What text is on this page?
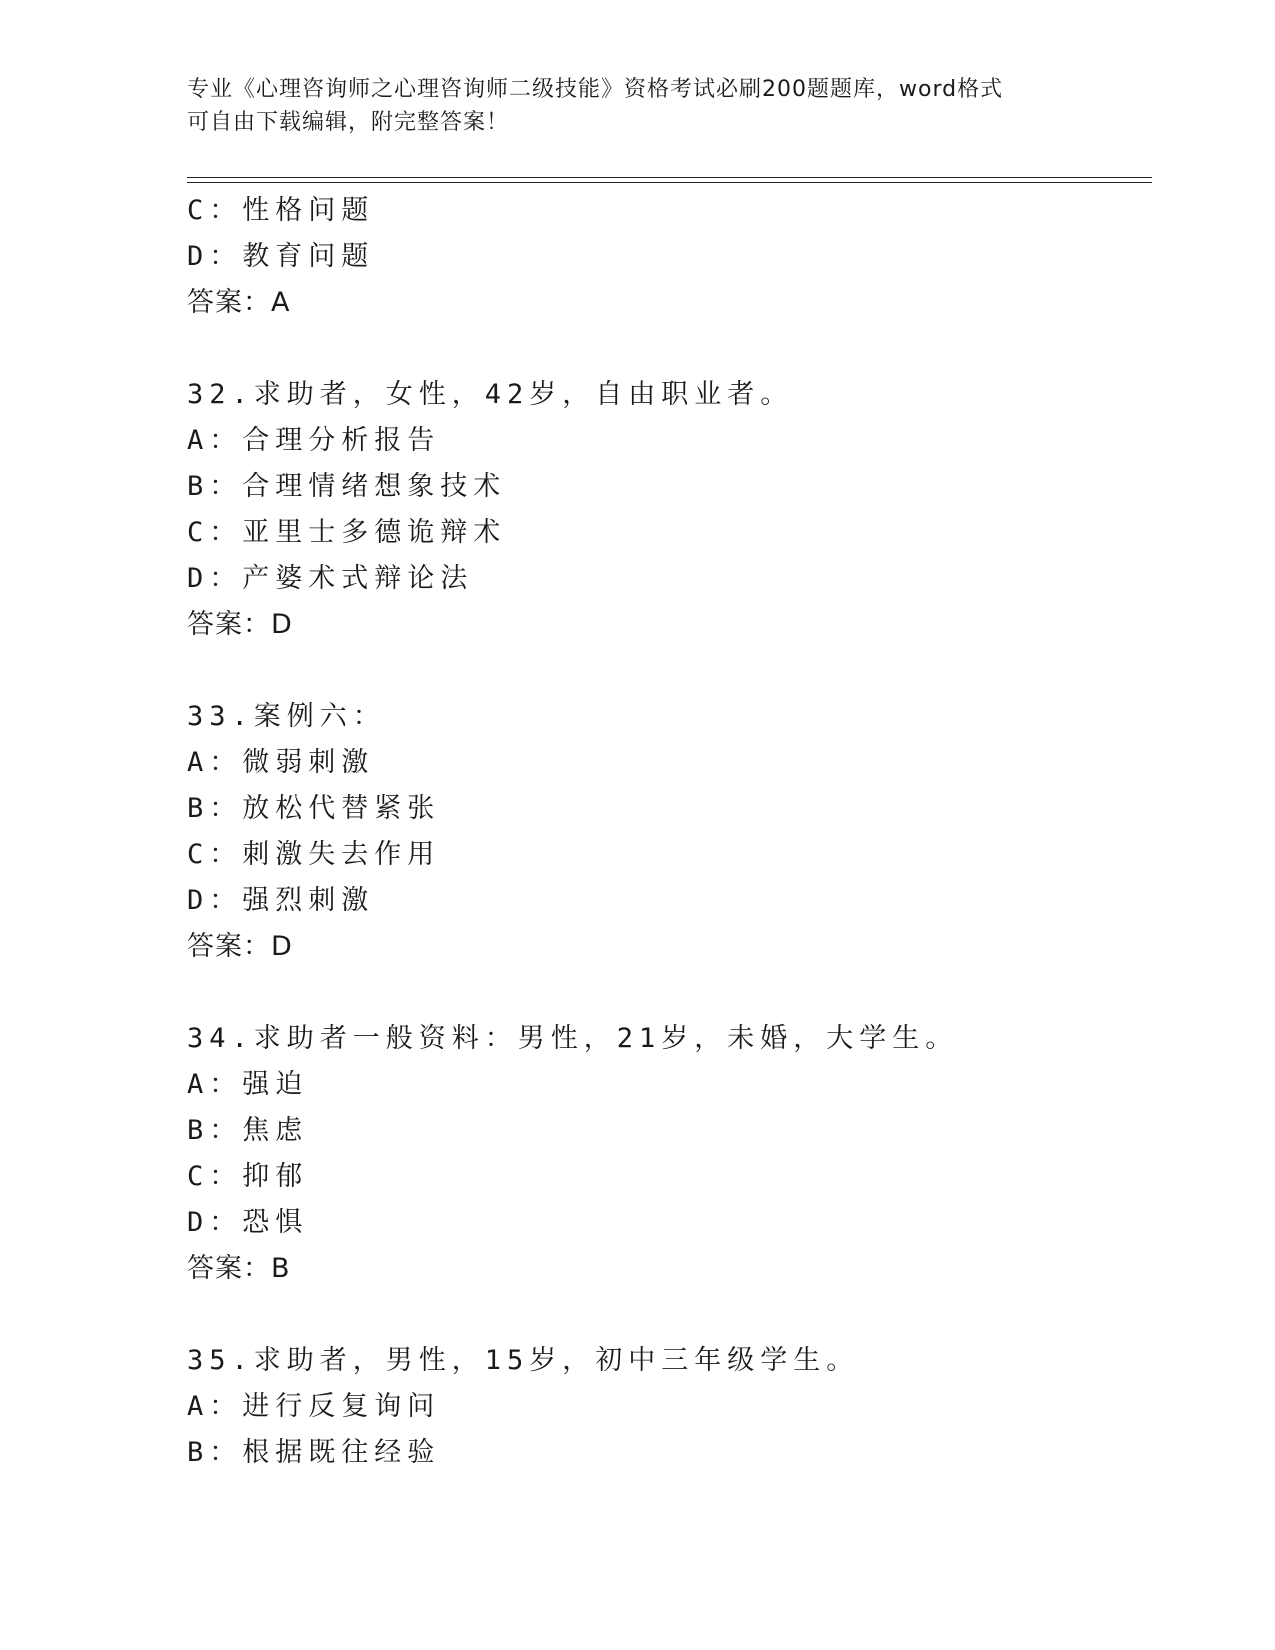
专业《心理咨询师之心理咨询师二级技能》资格考试必刷200题题库，word格式
可自由下载编辑，附完整答案！
C：性格问题
D：教育问题
答案：A
32.求助者，女性，42岁，自由职业者。
A：合理分析报告
B：合理情绪想象技术
C：亚里士多德诡辩术
D：产婆术式辩论法
答案：D
33.案例六：
A：微弱刺激
B：放松代替紧张
C：刺激失去作用
D：强烈刺激
答案：D
34.求助者一般资料：男性，21岁，未婚，大学生。
A：强迫
B：焦虑
C：抑郁
D：恐惧
答案：B
35.求助者，男性，15岁，初中三年级学生。
A：进行反复询问
B：根据既往经验
